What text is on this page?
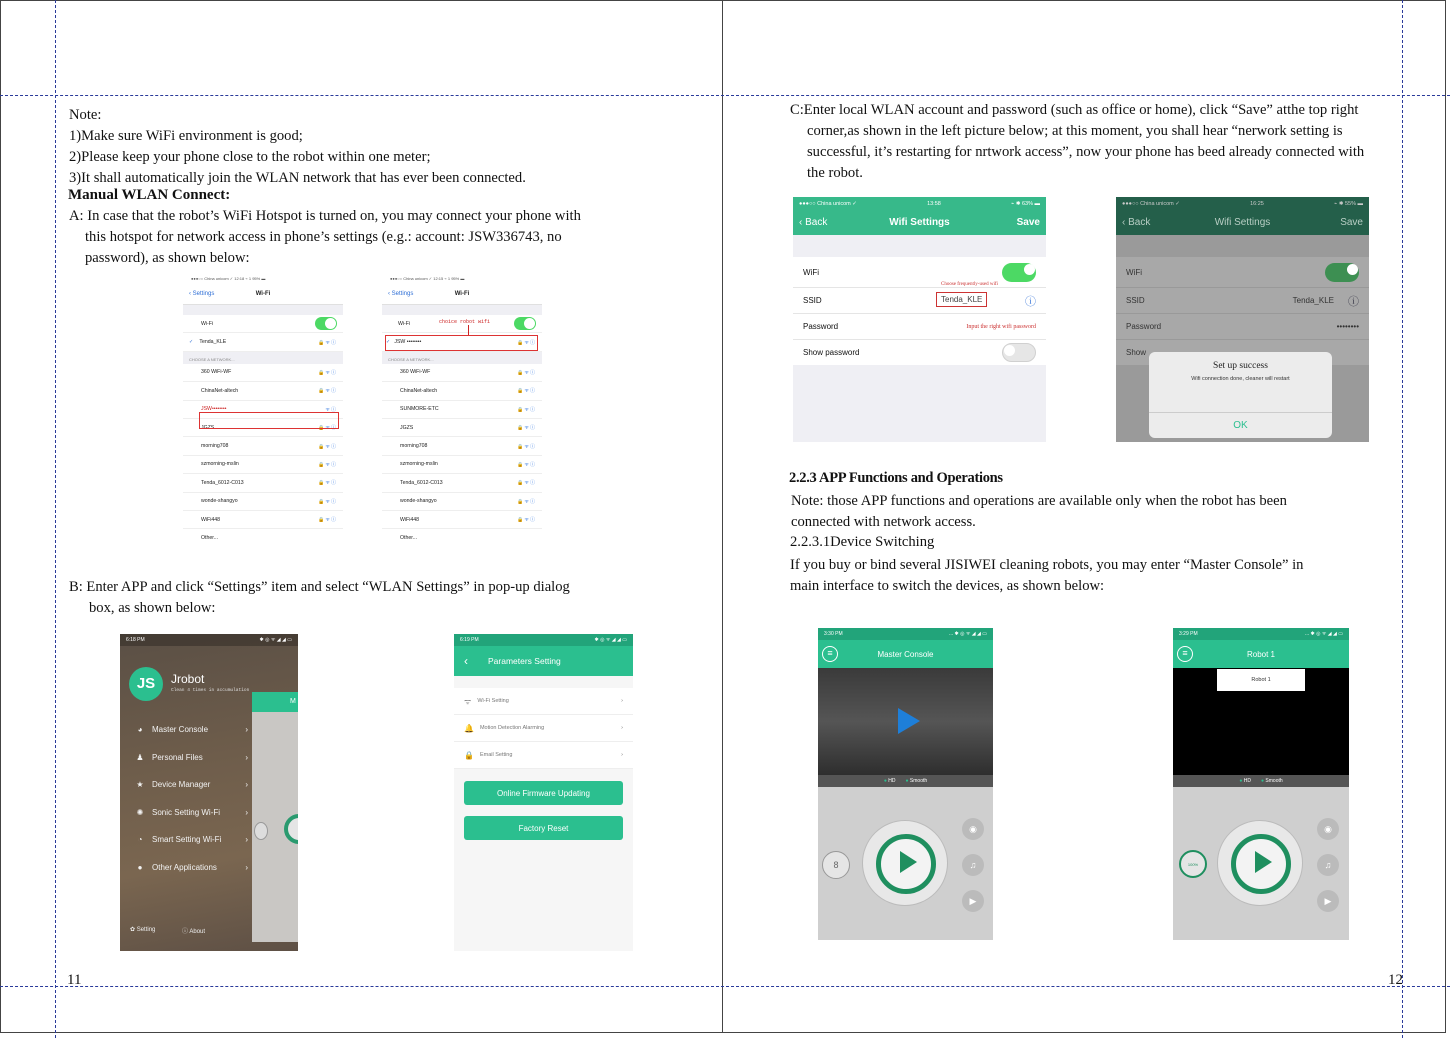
Note:
1)Make sure WiFi environment is good;
2)Please keep your phone close to the robot within one meter;
3)It shall automatically join the WLAN network that has ever been connected.
Manual WLAN Connect:
A: In case that the robot’s WiFi Hotspot is turned on, you may connect your phone with
this hotspot for network access in phone’s settings (e.g.: account: JSW336743, no
password), as shown below:
●●●○○ China unicom ✓ 12:18 ⌁ 1 95% ▬
‹ Settings	Wi-Fi
Wi-Fi
✓ Tenda_KLE	🔒ᯤⓘ
CHOOSE A NETWORK...
360 WiFi-WF	🔒ᯤⓘ
ChinaNet-altech	🔒ᯤⓘ
JSW••••••••	ᯤⓘ
JGZS	🔒ᯤⓘ
morning708	🔒ᯤⓘ
szmorning-mslin	🔒ᯤⓘ
Tenda_6012-C013	🔒ᯤⓘ
wonde-shangyo	🔒ᯤⓘ
WiFi448	🔒ᯤⓘ
Other...
●●●○○ China unicom ✓ 12:15 ⌁ 1 95% ▬
‹ Settings	Wi-Fi
Wi-Fi
✓ JSW ••••••••	🔒ᯤⓘ
CHOOSE A NETWORK...
360 WiFi-WF	🔒ᯤⓘ
ChinaNet-altech	🔒ᯤⓘ
SUNMORE-ETC	🔒ᯤⓘ
JGZS	🔒ᯤⓘ
morning708	🔒ᯤⓘ
szmorning-mslin	🔒ᯤⓘ
Tenda_6012-C013	🔒ᯤⓘ
wonde-shangyo	🔒ᯤⓘ
WiFi448	🔒ᯤⓘ
Other...
choice robot wifi
B: Enter APP and click “Settings” item and select “WLAN Settings” in pop-up dialog
box, as shown below:
6:18 PM	✱ ◎ ᯤ ◢ ◢ ▭
M
JS	Jrobot
Clean 4 times in accumulation
◕	Master Console	›
♟	Personal Files	›
★	Device Manager	›
✺	Sonic Setting Wi-Fi	›
◔	Smart Setting Wi-Fi	›
●	Other Applications	›
✿ Setting	ⓘ About
6:19 PM	✱ ◎ ᯤ ◢ ◢ ▭
‹ Parameters Setting
ᯤ Wi-Fi Setting	›
🔔 Motion Detection Alarming	›
🔒 Email Setting	›
Online Firmware Updating
Factory Reset
11
C:Enter local WLAN account and password (such as office or home), click “Save” atthe top right
corner,as shown in the left picture below; at this moment, you shall hear “nerwork setting is
successful, it’s restarting for nrtwork access”, now your phone has beed already connected with
the robot.
●●●○○ China unicom ✓	13:58	⌁ ✱ 63% ▬
‹ Back	Wifi Settings	Save
WiFi
SSID	Tenda_KLE	ⓘ
Password	Input the right wifi password
Show password
Choose frequently-used wifi
●●●○○ China unicom ✓	16:25	⌁ ✱ 55% ▬
‹ Back	Wifi Settings	Save
WiFi
SSID	Tenda_KLE ⓘ
Password	••••••••
Show
Set up success
Wifi connection done, cleaner will restart
OK
2.2.3 APP Functions and Operations
Note: those APP functions and operations are available only when the robot has been
connected with network access.
2.2.3.1Device Switching
If you buy or bind several JISIWEI cleaning robots, you may enter “Master Console” in
main interface to switch the devices, as shown below:
3:30 PM	... ✱ ◎ ᯤ ◢ ◢ ▭
≡	Master Console
● HD ● Smooth
8
◉
♫
▶
3:29 PM	... ✱ ◎ ᯤ ◢ ◢ ▭
≡	Robot 1
Robot 1
● HD ● Smooth
100%
◉
♫
▶
12
